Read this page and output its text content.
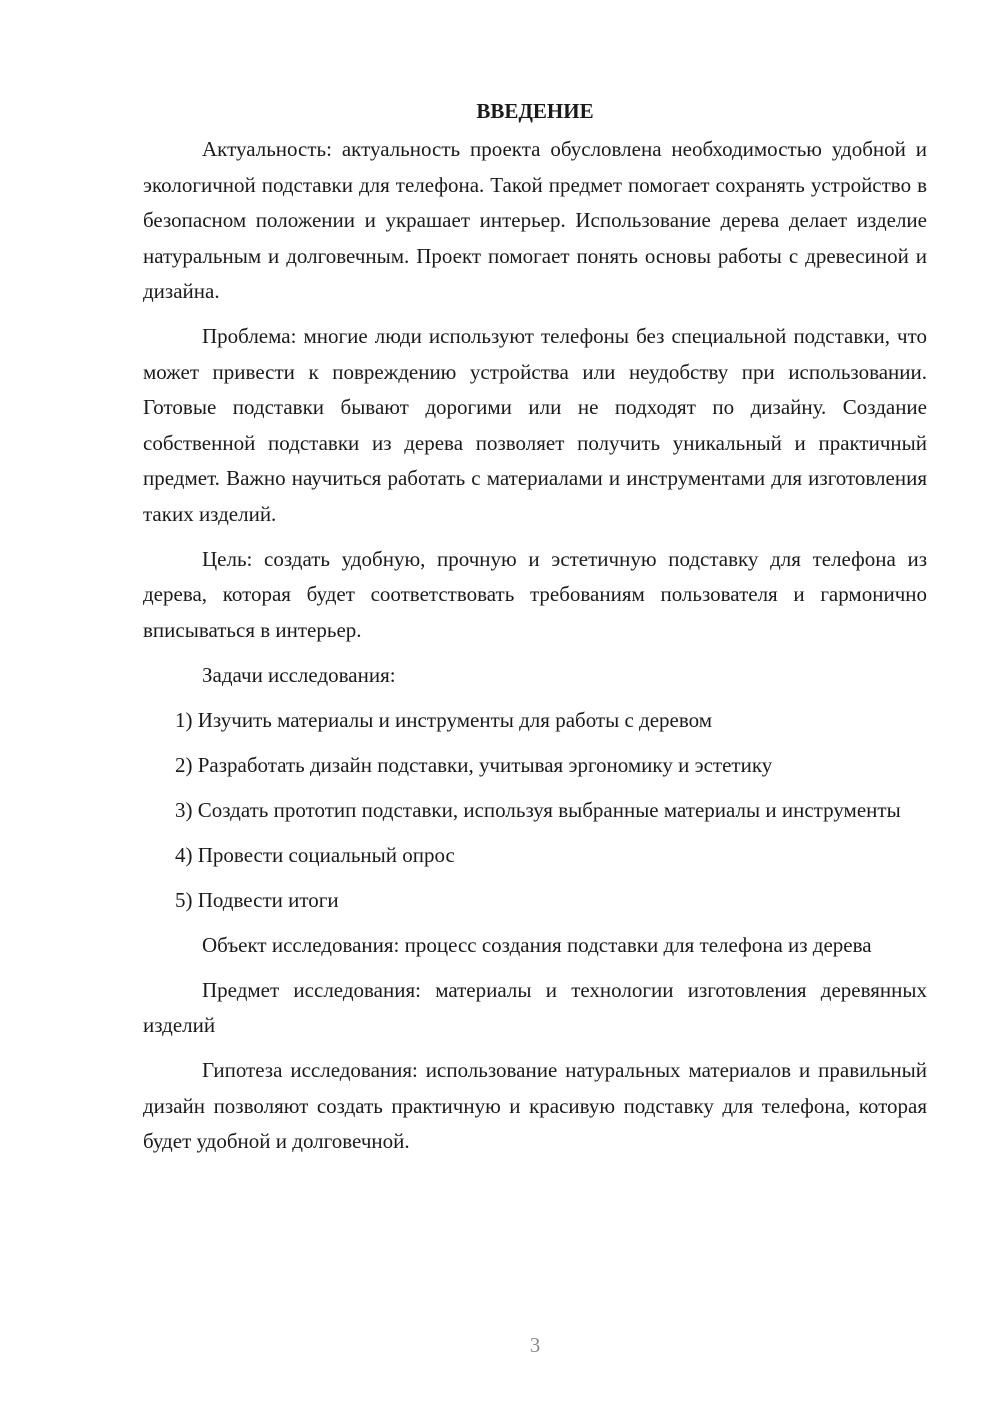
ВВЕДЕНИЕ

Актуальность: актуальность проекта обусловлена необходимостью удобной и экологичной подставки для телефона. Такой предмет помогает сохранять устройство в безопасном положении и украшает интерьер. Использование дерева делает изделие натуральным и долговечным. Проект помогает понять основы работы с древесиной и дизайна.

Проблема: многие люди используют телефоны без специальной подставки, что может привести к повреждению устройства или неудобству при использовании. Готовые подставки бывают дорогими или не подходят по дизайну. Создание собственной подставки из дерева позволяет получить уникальный и практичный предмет. Важно научиться работать с материалами и инструментами для изготовления таких изделий.

Цель: создать удобную, прочную и эстетичную подставку для телефона из дерева, которая будет соответствовать требованиям пользователя и гармонично вписываться в интерьер.

Задачи исследования:

1) Изучить материалы и инструменты для работы с деревом

2) Разработать дизайн подставки, учитывая эргономику и эстетику

3) Создать прототип подставки, используя выбранные материалы и инструменты

4) Провести социальный опрос

5) Подвести итоги

Объект исследования: процесс создания подставки для телефона из дерева

Предмет исследования: материалы и технологии изготовления деревянных изделий

Гипотеза исследования: использование натуральных материалов и правильный дизайн позволяют создать практичную и красивую подставку для телефона, которая будет удобной и долговечной.

3
